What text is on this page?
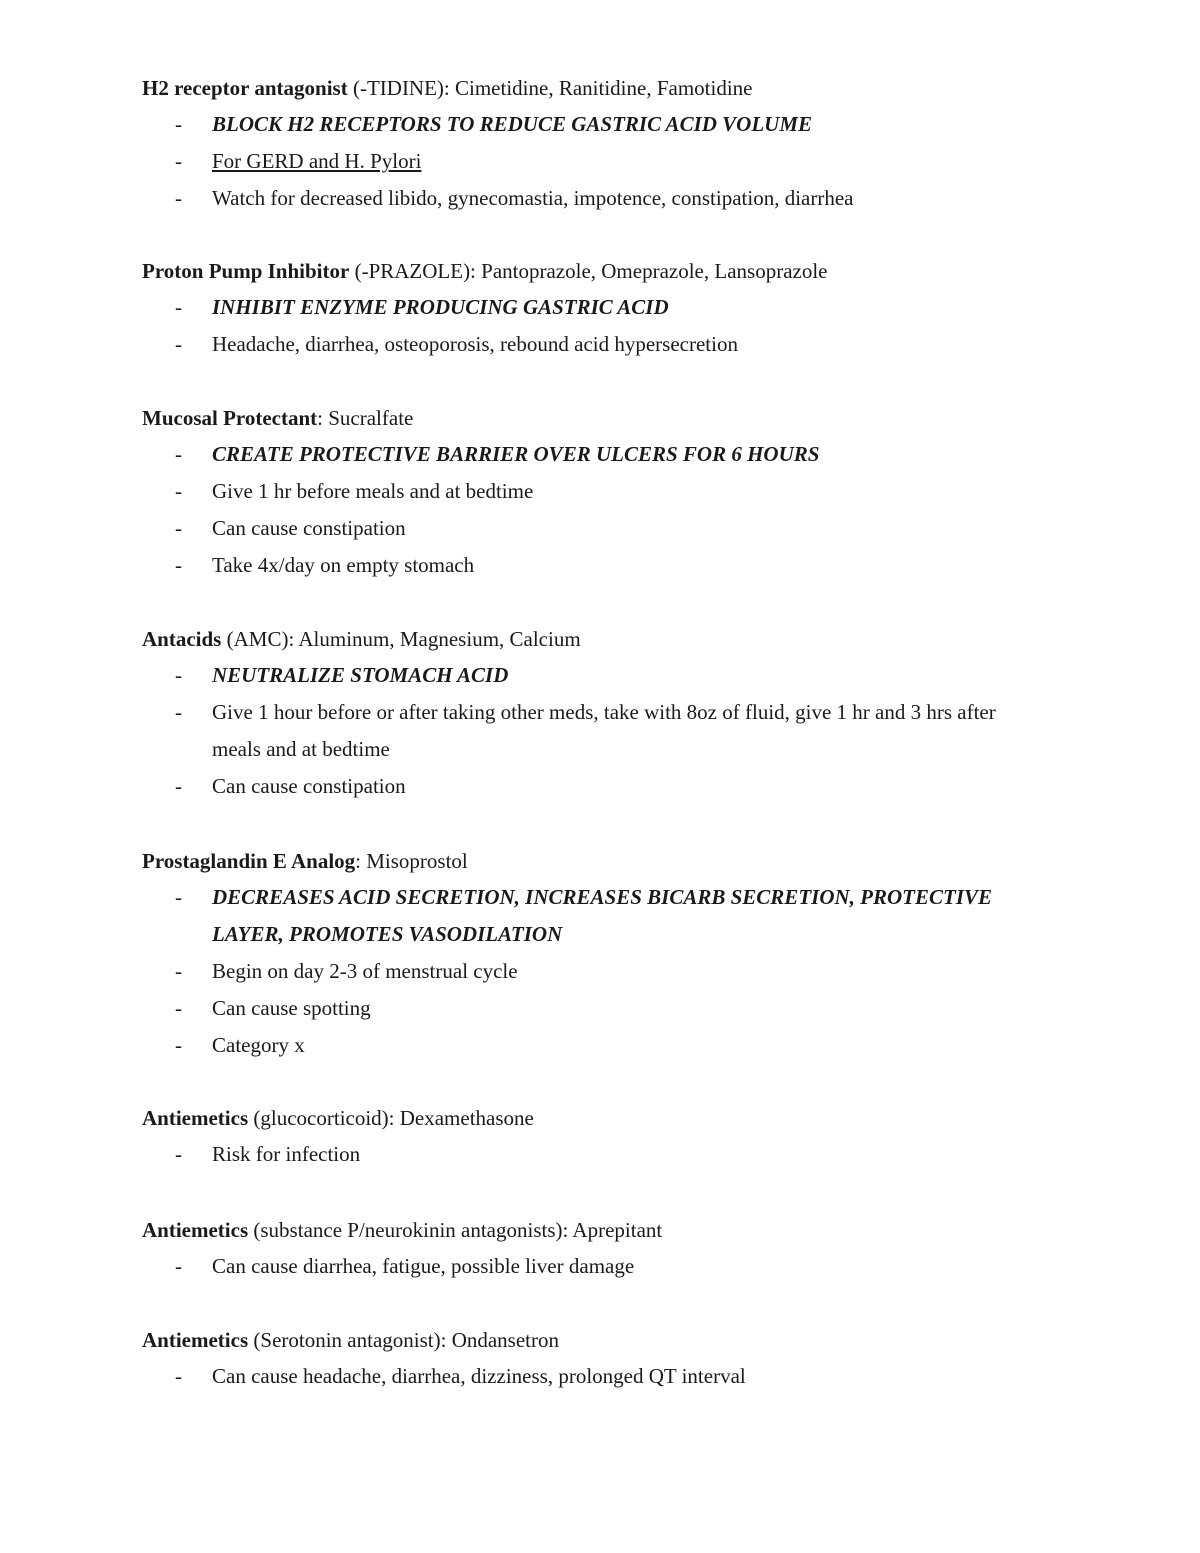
H2 receptor antagonist (-TIDINE): Cimetidine, Ranitidine, Famotidine

- BLOCK H2 RECEPTORS TO REDUCE GASTRIC ACID VOLUME
- For GERD and H. Pylori
- Watch for decreased libido, gynecomastia, impotence, constipation, diarrhea

Proton Pump Inhibitor (-PRAZOLE): Pantoprazole, Omeprazole, Lansoprazole

- INHIBIT ENZYME PRODUCING GASTRIC ACID
- Headache, diarrhea, osteoporosis, rebound acid hypersecretion

Mucosal Protectant: Sucralfate

- CREATE PROTECTIVE BARRIER OVER ULCERS FOR 6 HOURS
- Give 1 hr before meals and at bedtime
- Can cause constipation
- Take 4x/day on empty stomach

Antacids (AMC): Aluminum, Magnesium, Calcium

- NEUTRALIZE STOMACH ACID
- Give 1 hour before or after taking other meds, take with 8oz of fluid, give 1 hr and 3 hrs after meals and at bedtime
- Can cause constipation

Prostaglandin E Analog: Misoprostol

- DECREASES ACID SECRETION, INCREASES BICARB SECRETION, PROTECTIVE LAYER, PROMOTES VASODILATION
- Begin on day 2-3 of menstrual cycle
- Can cause spotting
- Category x

Antiemetics (glucocorticoid): Dexamethasone

- Risk for infection

Antiemetics (substance P/neurokinin antagonists): Aprepitant

- Can cause diarrhea, fatigue, possible liver damage

Antiemetics (Serotonin antagonist): Ondansetron

- Can cause headache, diarrhea, dizziness, prolonged QT interval
